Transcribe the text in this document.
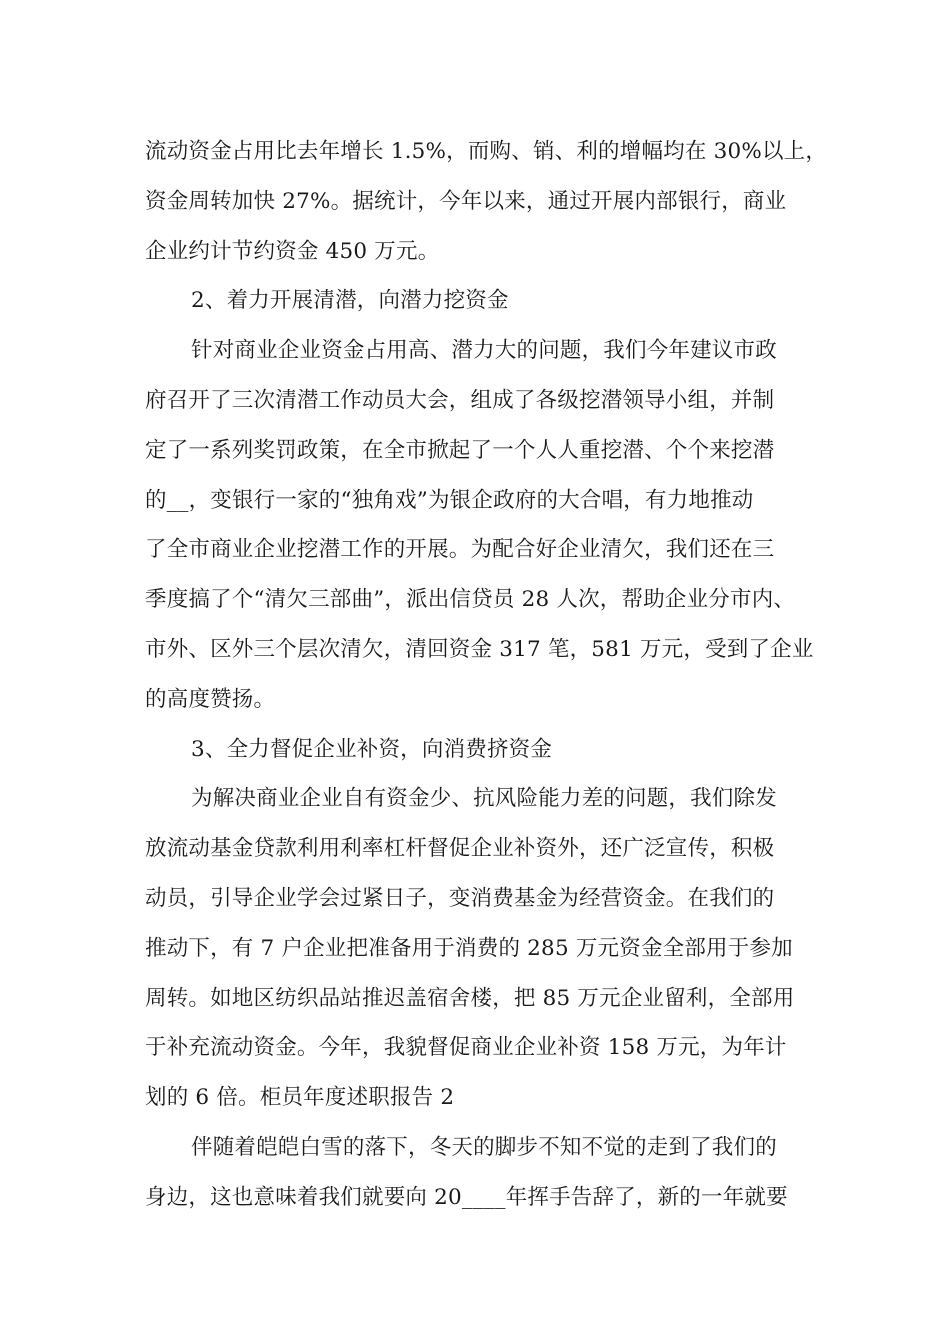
流动资金占用比去年增长 1.5%，而购、销、利的增幅均在 30%以上，
资金周转加快 27%。据统计，今年以来，通过开展内部银行，商业
企业约计节约资金 450 万元。
2、着力开展清潜，向潜力挖资金
针对商业企业资金占用高、潜力大的问题，我们今年建议市政
府召开了三次清潜工作动员大会，组成了各级挖潜领导小组，并制
定了一系列奖罚政策，在全市掀起了一个人人重挖潜、个个来挖潜
的__，变银行一家的“独角戏”为银企政府的大合唱，有力地推动
了全市商业企业挖潜工作的开展。为配合好企业清欠，我们还在三
季度搞了个“清欠三部曲”，派出信贷员 28 人次，帮助企业分市内、
市外、区外三个层次清欠，清回资金 317 笔，581 万元，受到了企业
的高度赞扬。
3、全力督促企业补资，向消费挤资金
为解决商业企业自有资金少、抗风险能力差的问题，我们除发
放流动基金贷款利用利率杠杆督促企业补资外，还广泛宣传，积极
动员，引导企业学会过紧日子，变消费基金为经营资金。在我们的
推动下，有 7 户企业把准备用于消费的 285 万元资金全部用于参加
周转。如地区纺织品站推迟盖宿舍楼，把 85 万元企业留利，全部用
于补充流动资金。今年，我貌督促商业企业补资 158 万元，为年计
划的 6 倍。柜员年度述职报告 2
伴随着皑皑白雪的落下，冬天的脚步不知不觉的走到了我们的
身边，这也意味着我们就要向 20____年挥手告辞了，新的一年就要
